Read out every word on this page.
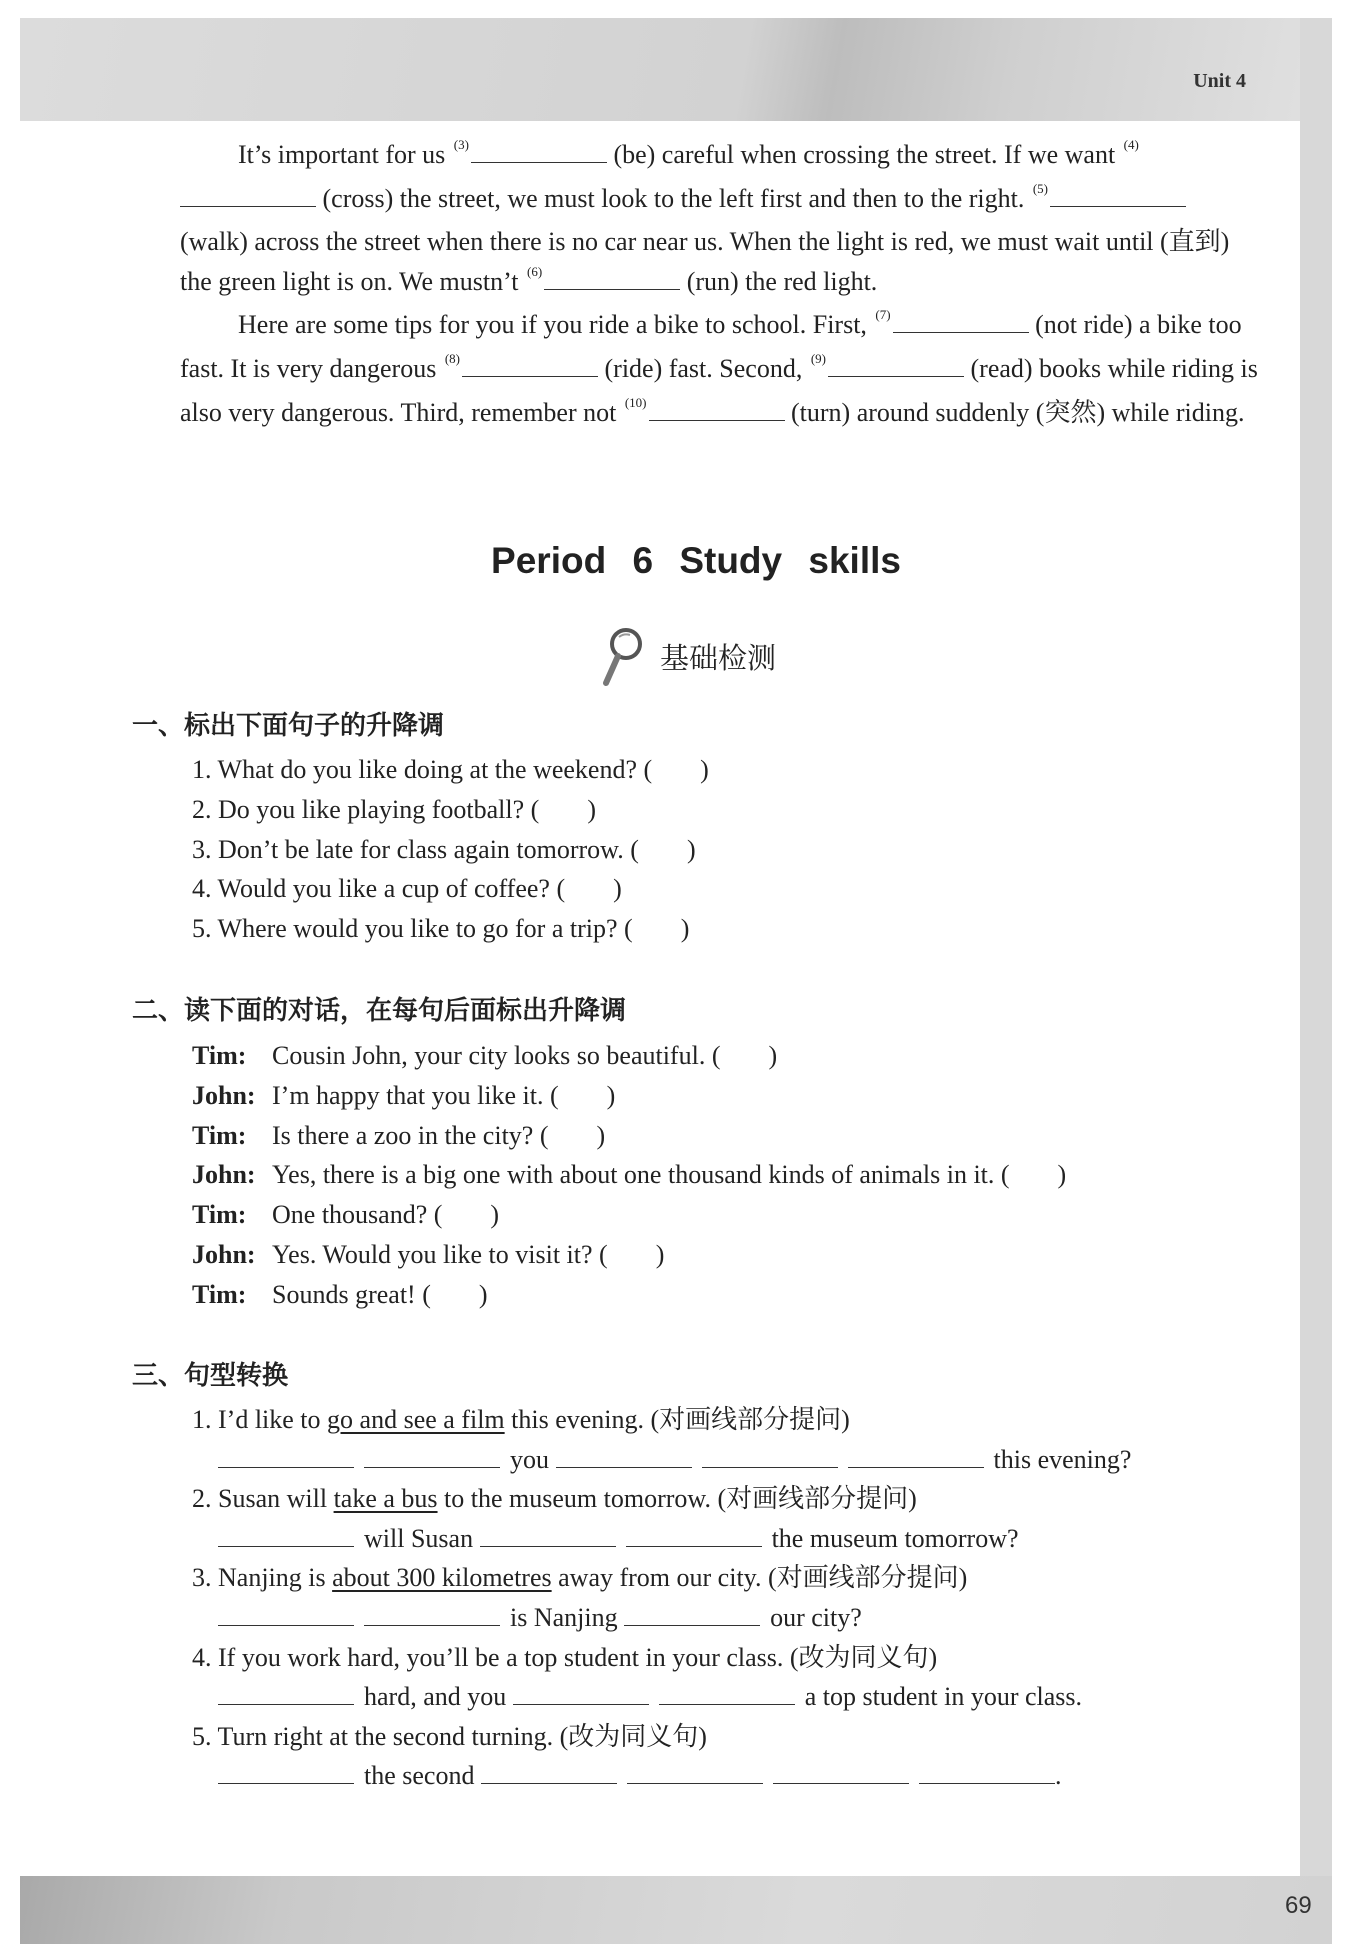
Unit 4
69

It’s important for us $^{(3)}$	(be) careful when crossing the street. If we want $^{(4)}$ (cross) the street, we must look to the left first and then to the right. $^{(5)}$ (walk) across the street when there is no car near us. When the light is red, we must wait until (直到) the green light is on. We mustn’t $^{(6)}$	(run) the red light.

Here are some tips for you if you ride a bike to school. First, $^{(7)}$	(not ride) a bike too fast. It is very dangerous $^{(8)}$	(ride) fast. Second, $^{(9)}$	(read) books while riding is also very dangerous. Third, remember not $^{(10)}$	(turn) around suddenly (突然) while riding.

Period 6 Study skills
基础检测
一、标出下面句子的升降调
1. What do you like doing at the weekend? ( )
2. Do you like playing football? ( )
3. Don’t be late for class again tomorrow. ( )
4. Would you like a cup of coffee? ( )
5. Where would you like to go for a trip? ( )
二、读下面的对话，在每句后面标出升降调
Tim: Cousin John, your city looks so beautiful. ( )
John: I’m happy that you like it. ( )
Tim: Is there a zoo in the city? ( )
John: Yes, there is a big one with about one thousand kinds of animals in it. ( )
Tim: One thousand? ( )
John: Yes. Would you like to visit it? ( )
Tim: Sounds great! ( )
三、句型转换
1. I’d like to go and see a film this evening. (对画线部分提问)
you	this evening?
2. Susan will take a bus to the museum tomorrow. (对画线部分提问)
will Susan	the museum tomorrow?
3. Nanjing is about 300 kilometres away from our city. (对画线部分提问)
is Nanjing	our city?
4. If you work hard, you’ll be a top student in your class. (改为同义句)
hard, and you	a top student in your class.
5. Turn right at the second turning. (改为同义句)
the second	.
